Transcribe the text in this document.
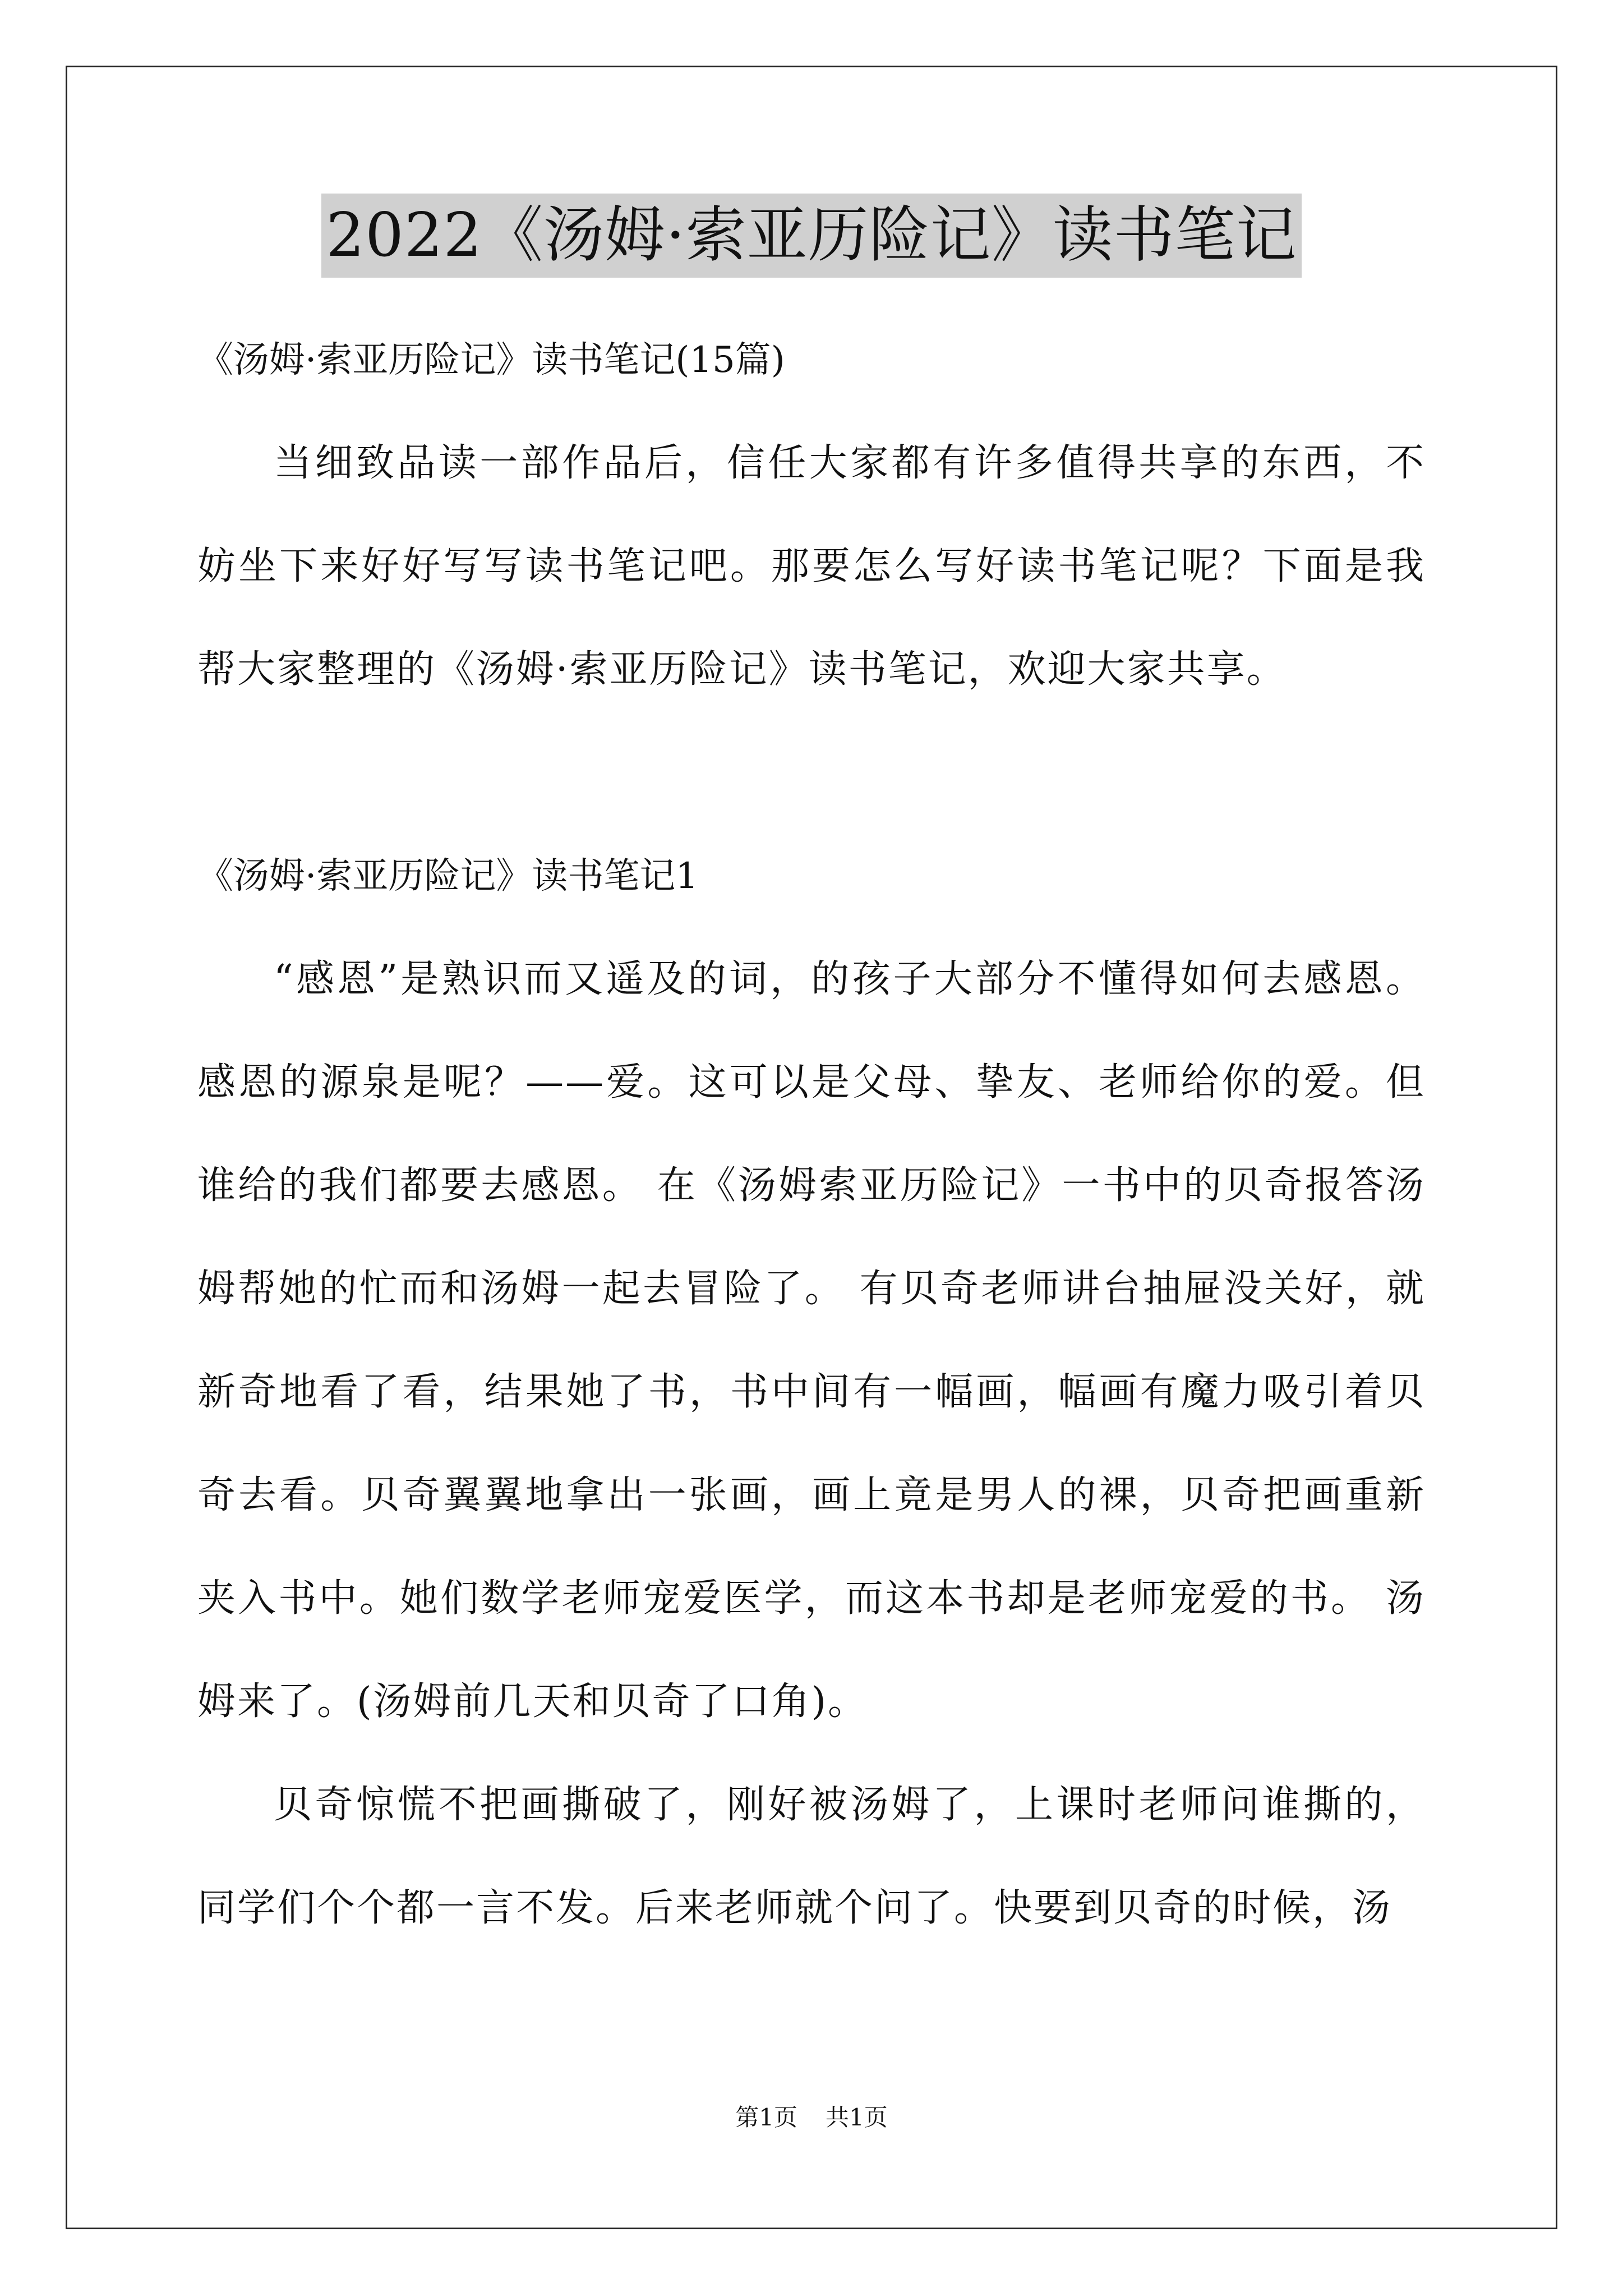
2022《汤姆·索亚历险记》读书笔记

《汤姆·索亚历险记》读书笔记(15篇)

当细致品读一部作品后，信任大家都有许多值得共享的东西，不妨坐下来好好写写读书笔记吧。那要怎么写好读书笔记呢？下面是我帮大家整理的《汤姆·索亚历险记》读书笔记，欢迎大家共享。

《汤姆·索亚历险记》读书笔记1

“感恩”是熟识而又遥及的词，的孩子大部分不懂得如何去感恩。感恩的源泉是呢？——爱。这可以是父母、挚友、老师给你的爱。但谁给的我们都要去感恩。 在《汤姆索亚历险记》一书中的贝奇报答汤姆帮她的忙而和汤姆一起去冒险了。 有贝奇老师讲台抽屉没关好，就新奇地看了看，结果她了书，书中间有一幅画，幅画有魔力吸引着贝奇去看。贝奇翼翼地拿出一张画，画上竟是男人的裸，贝奇把画重新夹入书中。她们数学老师宠爱医学，而这本书却是老师宠爱的书。 汤姆来了。(汤姆前几天和贝奇了口角)。

贝奇惊慌不把画撕破了，刚好被汤姆了，上课时老师问谁撕的，同学们个个都一言不发。后来老师就个问了。快要到贝奇的时候，汤

第1页 共1页
